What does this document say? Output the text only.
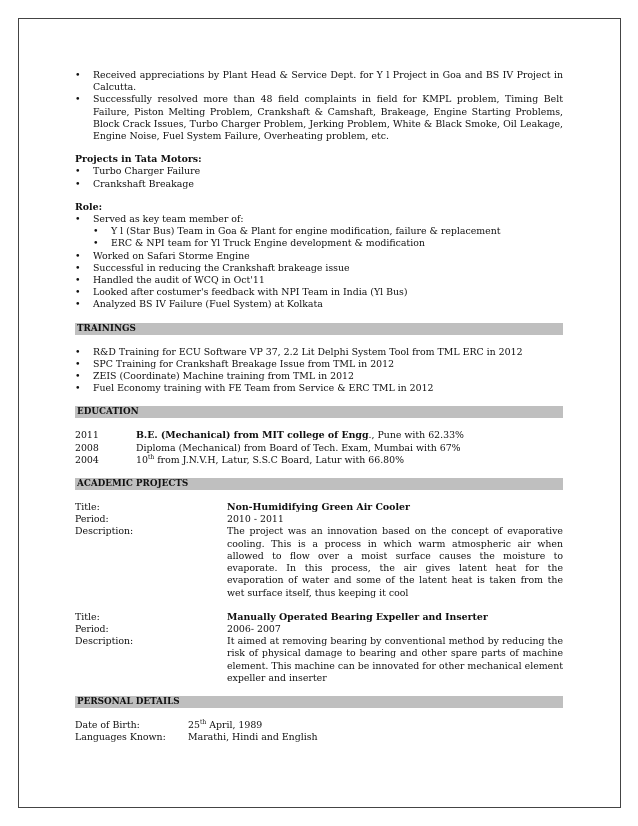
• Received appreciations by Plant Head & Service Dept. for Y l Project in Goa and BS IV Project in Calcutta.
• Successfully resolved more than 48 field complaints in field for KMPL problem, Timing Belt Failure, Piston Melting Problem, Crankshaft & Camshaft, Brakeage, Engine Starting Problems, Block Crack Issues, Turbo Charger Problem, Jerking Problem, White & Black Smoke, Oil Leakage, Engine Noise, Fuel System Failure, Overheating problem, etc.
Projects in Tata Motors:
• Turbo Charger Failure
• Crankshaft Breakage
Role:
• Served as key team member of:
• Y l (Star Bus) Team in Goa & Plant for engine modification, failure & replacement
• ERC & NPI team for Yl Truck Engine development & modification
• Worked on Safari Storme Engine
• Successful in reducing the Crankshaft brakeage issue
• Handled the audit of WCQ in Oct'11
• Looked after costumer's feedback with NPI Team in India (Yl Bus)
• Analyzed BS IV Failure (Fuel System) at Kolkata
TRAININGS
• R&D Training for ECU Software VP 37, 2.2 Lit Delphi System Tool from TML ERC in 2012
• SPC Training for Crankshaft Breakage Issue from TML in 2012
• ZEIS (Coordinate) Machine training from TML in 2012
• Fuel Economy training with FE Team from Service & ERC TML in 2012
EDUCATION
2011	B.E. (Mechanical) from MIT college of Engg., Pune with 62.33%
2008	Diploma (Mechanical) from Board of Tech. Exam, Mumbai with 67%
2004	10th from J.N.V.H, Latur, S.S.C Board, Latur with 66.80%
ACADEMIC PROJECTS
Title:	Non-Humidifying Green Air Cooler
Period:	2010 - 2011
Description:	The project was an innovation based on the concept of evaporative cooling. This is a process in which warm atmospheric air when allowed to flow over a moist surface causes the moisture to evaporate. In this process, the air gives latent heat for the evaporation of water and some of the latent heat is taken from the wet surface itself, thus keeping it cool
Title:	Manually Operated Bearing Expeller and Inserter
Period:	2006- 2007
Description:	It aimed at removing bearing by conventional method by reducing the risk of physical damage to bearing and other spare parts of machine element. This machine can be innovated for other mechanical element expeller and inserter
PERSONAL DETAILS
Date of Birth:	25th April, 1989
Languages Known:	Marathi, Hindi and English
